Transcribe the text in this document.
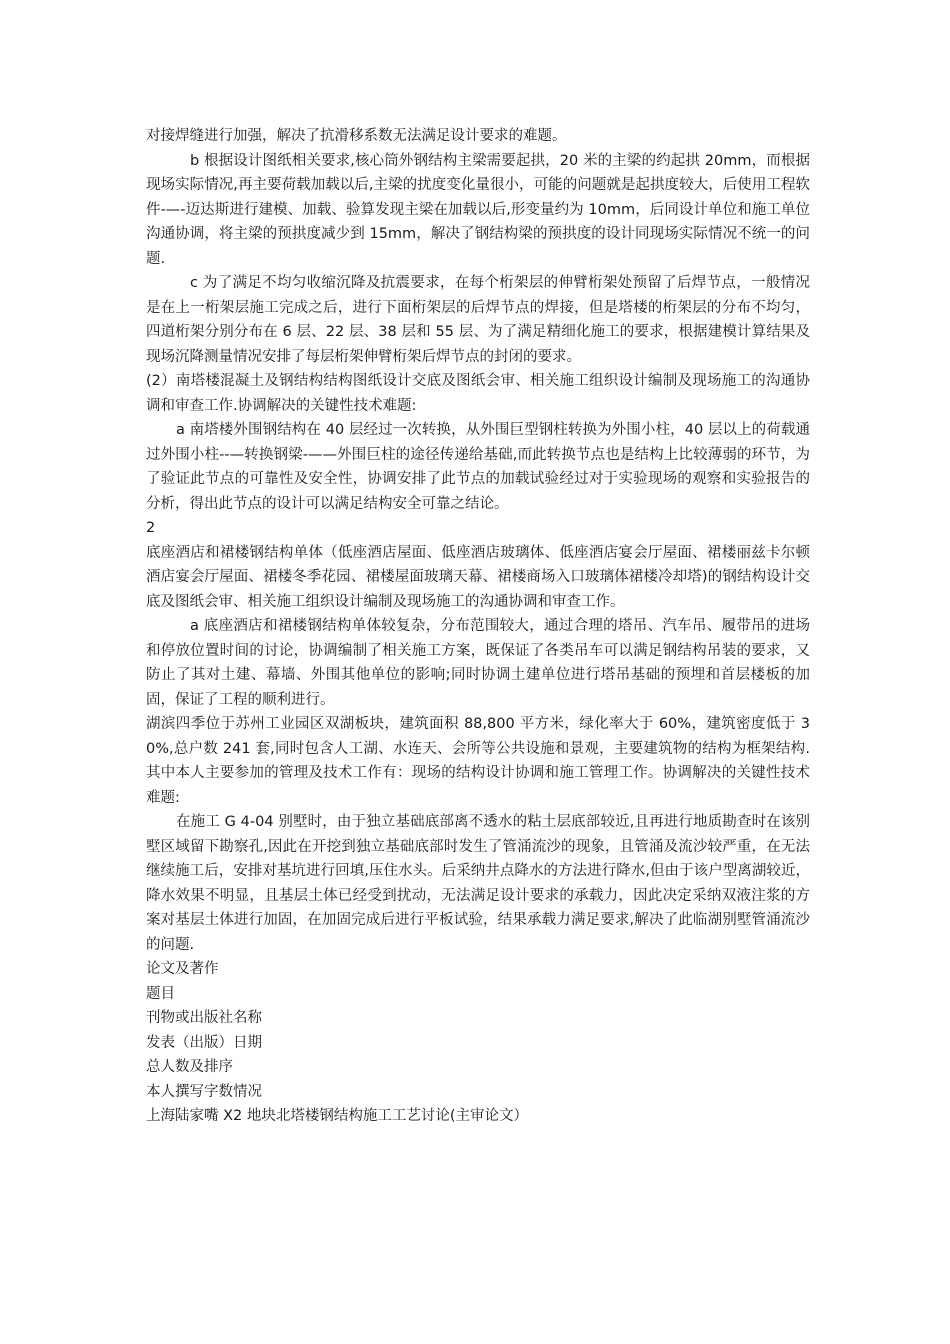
对接焊缝进行加强，解决了抗滑移系数无法满足设计要求的难题。

b 根据设计图纸相关要求,核心筒外钢结构主梁需要起拱，20 米的主梁的约起拱 20mm，而根据现场实际情况,再主要荷载加载以后,主梁的扰度变化量很小，可能的问题就是起拱度较大，后使用工程软件-—-迈达斯进行建模、加载、验算发现主梁在加载以后,形变量约为 10mm，后同设计单位和施工单位沟通协调，将主梁的预拱度减少到 15mm，解决了钢结构梁的预拱度的设计同现场实际情况不统一的问题.

c 为了满足不均匀收缩沉降及抗震要求，在每个桁架层的伸臂桁架处预留了后焊节点，一般情况是在上一桁架层施工完成之后，进行下面桁架层的后焊节点的焊接，但是塔楼的桁架层的分布不均匀，四道桁架分别分布在 6 层、22 层、38 层和 55 层、为了满足精细化施工的要求，根据建模计算结果及现场沉降测量情况安排了每层桁架伸臂桁架后焊节点的封闭的要求。

(2）南塔楼混凝土及钢结构结构图纸设计交底及图纸会审、相关施工组织设计编制及现场施工的沟通协调和审查工作.协调解决的关键性技术难题:

a 南塔楼外围钢结构在 40 层经过一次转换，从外围巨型钢柱转换为外围小柱，40 层以上的荷载通过外围小柱--—转换钢梁-——外围巨柱的途径传递给基础,而此转换节点也是结构上比较薄弱的环节，为了验证此节点的可靠性及安全性，协调安排了此节点的加载试验经过对于实验现场的观察和实验报告的分析，得出此节点的设计可以满足结构安全可靠之结论。

2

底座酒店和裙楼钢结构单体（低座酒店屋面、低座酒店玻璃体、低座酒店宴会厅屋面、裙楼丽兹卡尔顿酒店宴会厅屋面、裙楼冬季花园、裙楼屋面玻璃天幕、裙楼商场入口玻璃体裙楼冷却塔)的钢结构设计交底及图纸会审、相关施工组织设计编制及现场施工的沟通协调和审查工作。

a 底座酒店和裙楼钢结构单体较复杂，分布范围较大，通过合理的塔吊、汽车吊、履带吊的进场和停放位置时间的讨论，协调编制了相关施工方案，既保证了各类吊车可以满足钢结构吊装的要求，又防止了其对土建、幕墙、外围其他单位的影响;同时协调土建单位进行塔吊基础的预埋和首层楼板的加固，保证了工程的顺利进行。

湖滨四季位于苏州工业园区双湖板块，建筑面积 88,800 平方米，绿化率大于 60%，建筑密度低于 30%,总户数 241 套,同时包含人工湖、水连天、会所等公共设施和景观，主要建筑物的结构为框架结构.其中本人主要参加的管理及技术工作有：现场的结构设计协调和施工管理工作。协调解决的关键性技术难题:

在施工 G 4-04 别墅时，由于独立基础底部离不透水的粘土层底部较近,且再进行地质勘查时在该别墅区域留下勘察孔,因此在开挖到独立基础底部时发生了管涌流沙的现象，且管涌及流沙较严重，在无法继续施工后，安排对基坑进行回填,压住水头。后采纳井点降水的方法进行降水,但由于该户型离湖较近，降水效果不明显，且基层土体已经受到扰动，无法满足设计要求的承载力，因此决定采纳双液注浆的方案对基层土体进行加固，在加固完成后进行平板试验，结果承载力满足要求,解决了此临湖别墅管涌流沙的问题.

论文及著作

题目

刊物或出版社名称

发表（出版）日期

总人数及排序

本人撰写字数情况

上海陆家嘴 X2 地块北塔楼钢结构施工工艺讨论(主审论文）
